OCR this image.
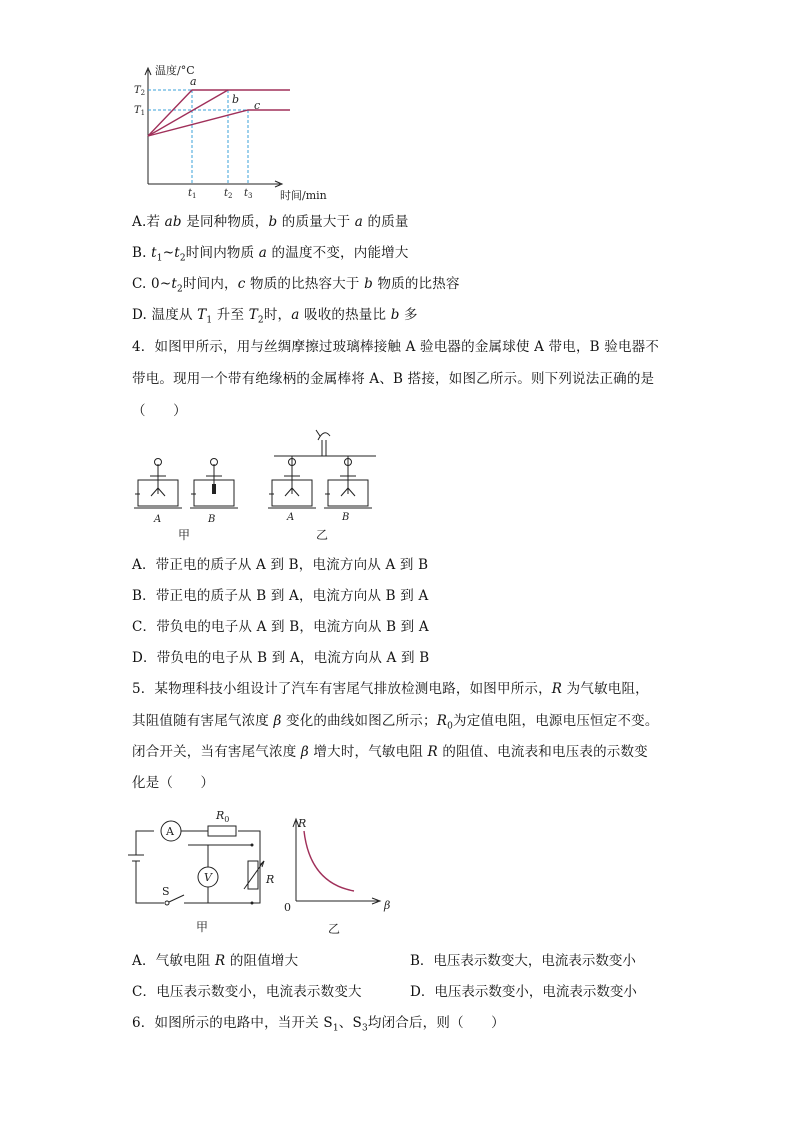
温度/°C
时间/min
a
b c
$T_2$
$T_1$
$t_1$	$t_2$ $t_3$
A.若 ab 是同种物质，b 的质量大于 a 的质量
B. $t_1\sim t_2$时间内物质 a 的温度不变，内能增大
C. $0\sim t_2$时间内，c 物质的比热容大于 b 物质的比热容
D. 温度从 $T_1$ 升至 $T_2$时，a 吸收的热量比 b 多
4．如图甲所示，用与丝绸摩擦过玻璃棒接触 A 验电器的金属球使 A 带电，B 验电器不
带电。现用一个带有绝缘柄的金属棒将 A、B 搭接，如图乙所示。则下列说法正确的是
（　　）
A	B
甲
A	B
乙
A．带正电的质子从 A 到 B，电流方向从 A 到 B
B．带正电的质子从 B 到 A，电流方向从 B 到 A
C．带负电的电子从 A 到 B，电流方向从 B 到 A
D．带负电的电子从 B 到 A，电流方向从 A 到 B
5．某物理科技小组设计了汽车有害尾气排放检测电路，如图甲所示，R 为气敏电阻，
其阻值随有害尾气浓度 β 变化的曲线如图乙所示；$R_0$为定值电阻，电源电压恒定不变。
闭合开关，当有害尾气浓度 β 增大时，气敏电阻 R 的阻值、电流表和电压表的示数变
化是（　　）
A
V
$R_0$
R
S
甲
R
β
0
乙
A．气敏电阻 R 的阻值增大	B．电压表示数变大，电流表示数变小
C．电压表示数变小，电流表示数变大	D．电压表示数变小，电流表示数变小
6．如图所示的电路中，当开关 $S_1$、$S_3$均闭合后，则（　　）
